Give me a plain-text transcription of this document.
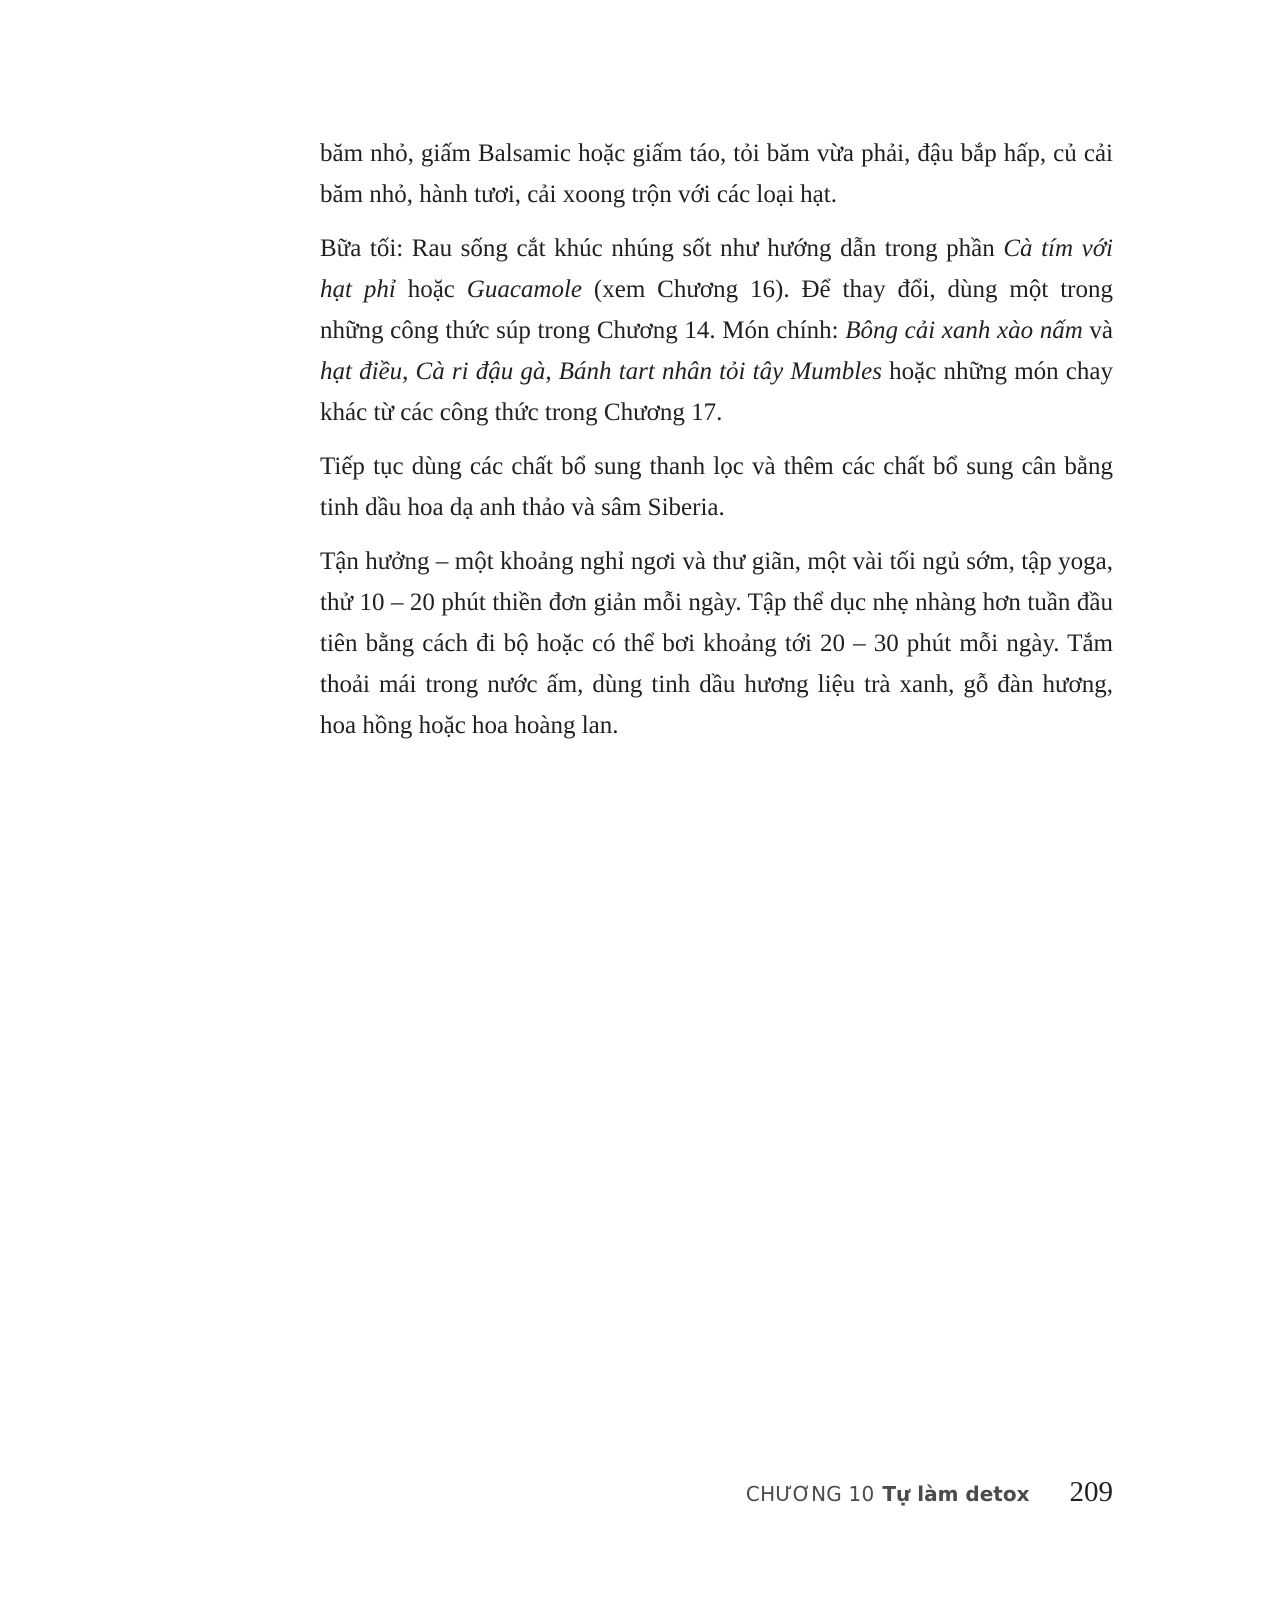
băm nhỏ, giấm Balsamic hoặc giấm táo, tỏi băm vừa phải, đậu bắp hấp, củ cải băm nhỏ, hành tươi, cải xoong trộn với các loại hạt.

Bữa tối: Rau sống cắt khúc nhúng sốt như hướng dẫn trong phần Cà tím với hạt phỉ hoặc Guacamole (xem Chương 16). Để thay đổi, dùng một trong những công thức súp trong Chương 14. Món chính: Bông cải xanh xào nấm và hạt điều, Cà ri đậu gà, Bánh tart nhân tỏi tây Mumbles hoặc những món chay khác từ các công thức trong Chương 17.

Tiếp tục dùng các chất bổ sung thanh lọc và thêm các chất bổ sung cân bằng tinh dầu hoa dạ anh thảo và sâm Siberia.

Tận hưởng – một khoảng nghỉ ngơi và thư giãn, một vài tối ngủ sớm, tập yoga, thử 10 – 20 phút thiền đơn giản mỗi ngày. Tập thể dục nhẹ nhàng hơn tuần đầu tiên bằng cách đi bộ hoặc có thể bơi khoảng tới 20 – 30 phút mỗi ngày. Tắm thoải mái trong nước ấm, dùng tinh dầu hương liệu trà xanh, gỗ đàn hương, hoa hồng hoặc hoa hoàng lan.

CHƯƠNG 10 Tự làm detox 209
